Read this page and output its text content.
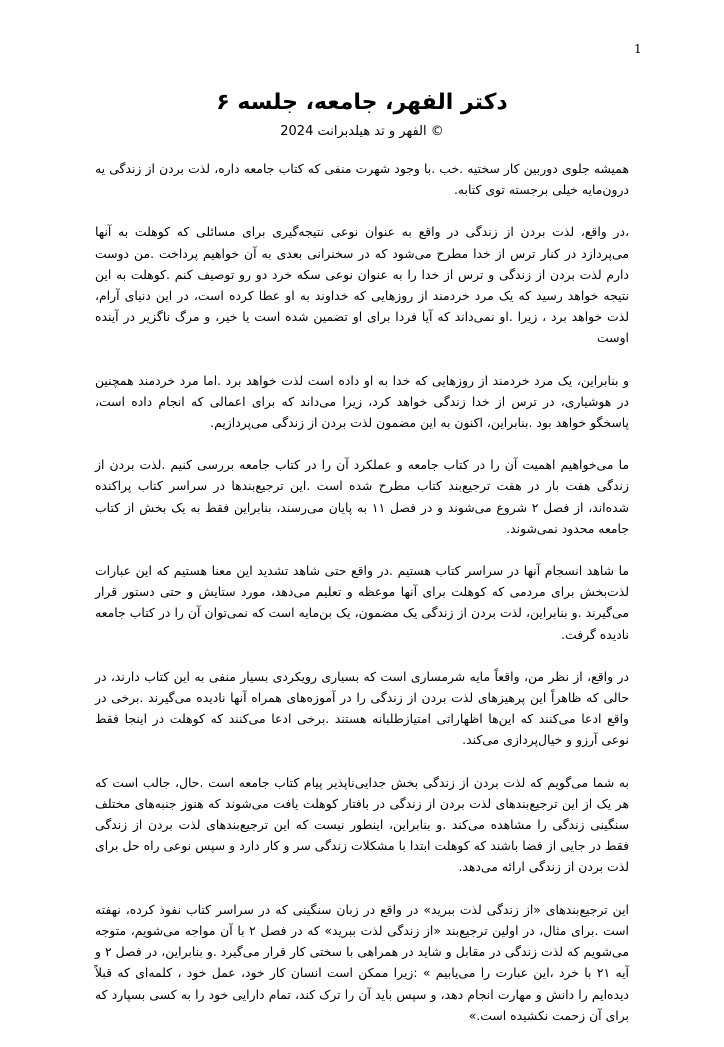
1
دکتر الفهر، جامعه، جلسه ۶
© الفهر و تد هیلدبرانت 2024

همیشه جلوی دوربین کار سختیه .خب .با وجود شهرت منفی که کتاب جامعه داره، لذت بردن از زندگی یه درون‌مایه خیلی برجسته توی کتابه.

،در واقع، لذت بردن از زندگی در واقع به عنوان نوعی نتیجه‌گیری برای مسائلی که کوهلت به آنها می‌پردازد در کنار ترس از خدا مطرح می‌شود که در سخنرانی بعدی به آن خواهیم پرداخت .من دوست دارم لذت بردن از زندگی و ترس از خدا را به عنوان نوعی سکه خرد دو رو توصیف کنم .کوهلت به این نتیجه خواهد رسید که یک مرد خردمند از روزهایی که خداوند به او عطا کرده است، در این دنیای آرام، لذت خواهد برد ، زیرا .او نمی‌داند که آیا فردا برای او تضمین شده است یا خیر، و مرگ ناگزیر در آینده اوست

و بنابراین، یک مرد خردمند از روزهایی که خدا به او داده است لذت خواهد برد .اما مرد خردمند همچنین در هوشیاری، در ترس از خدا زندگی خواهد کرد، زیرا می‌داند که برای اعمالی که انجام داده است، پاسخگو خواهد بود .بنابراین، اکنون به این مضمون لذت بردن از زندگی می‌پردازیم.

ما می‌خواهیم اهمیت آن را در کتاب جامعه و عملکرد آن را در کتاب جامعه بررسی کنیم .لذت بردن از زندگی هفت بار در هفت ترجیع‌بند کتاب مطرح شده است .این ترجیع‌بندها در سراسر کتاب پراکنده شده‌اند، از فصل ۲ شروع می‌شوند و در فصل ۱۱ به پایان می‌رسند، بنابراین فقط به یک بخش از کتاب جامعه محدود نمی‌شوند.

ما شاهد انسجام آنها در سراسر کتاب هستیم .در واقع حتی شاهد تشدید این معنا هستیم که این عبارات لذت‌بخش برای مردمی که کوهلت برای آنها موعظه و تعلیم می‌دهد، مورد ستایش و حتی دستور قرار می‌گیرند .و بنابراین، لذت بردن از زندگی یک مضمون، یک بن‌مایه است که نمی‌توان آن را در کتاب جامعه نادیده گرفت.

در واقع، از نظر من، واقعاً مایه شرمساری است که بسیاری رویکردی بسیار منفی به این کتاب دارند، در حالی که ظاهراً این پرهیزهای لذت بردن از زندگی را در آموزه‌های همراه آنها نادیده می‌گیرند .برخی در واقع ادعا می‌کنند که این‌ها اظهاراتی امتیازطلبانه هستند .برخی ادعا می‌کنند که کوهلت در اینجا فقط نوعی آرزو و خیال‌پردازی می‌کند.

به شما می‌گویم که لذت بردن از زندگی بخش جدایی‌ناپذیر پیام کتاب جامعه است .حال، جالب است که هر یک از این ترجیع‌بندهای لذت بردن از زندگی در بافتار کوهلت یافت می‌شوند که هنوز جنبه‌های مختلف سنگینی زندگی را مشاهده می‌کند .و بنابراین، اینطور نیست که این ترجیع‌بندهای لذت بردن از زندگی فقط در جایی از فضا باشند که کوهلت ابتدا با مشکلات زندگی سر و کار دارد و سپس نوعی راه حل برای لذت بردن از زندگی ارائه می‌دهد.

این ترجیع‌بندهای «از زندگی لذت ببرید» در واقع در زبان سنگینی که در سراسر کتاب نفوذ کرده، نهفته است .برای مثال، در اولین ترجیع‌بند «از زندگی لذت ببرید» که در فصل ۲ با آن مواجه می‌شویم، متوجه می‌شویم که لذت زندگی در مقابل و شاید در همراهی با سختی کار قرار می‌گیرد .و بنابراین، در فصل ۲ و آیه ۲۱ با خرد ،این عبارت را می‌یابیم » :زیرا ممکن است انسان کار خود، عمل خود ، کلمه‌ای که قبلاً دیده‌ایم را دانش و مهارت انجام دهد، و سپس باید آن را ترک کند، تمام دارایی خود را به کسی بسپارد که برای آن زحمت نکشیده است.»
